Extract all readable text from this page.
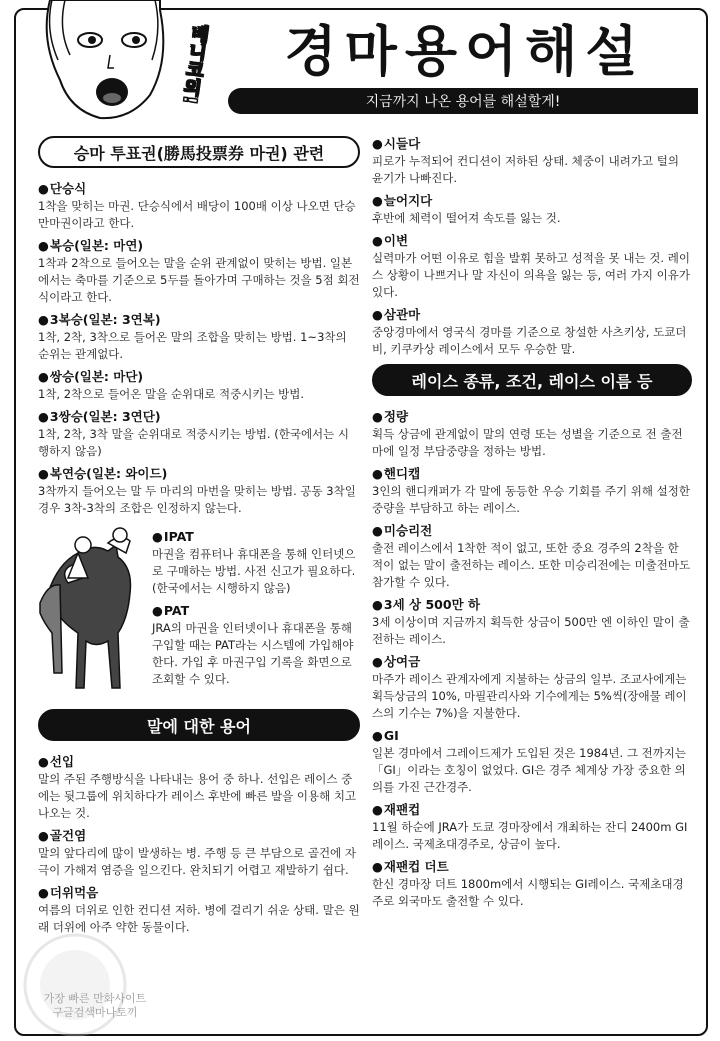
베니코의!	경마용어해설
지금까지 나온 용어를 해설할게!
승마 투표권(勝馬投票券 마권) 관련
● 단승식
1착을 맞히는 마권. 단승식에서 배당이 100배 이상 나오면 단승만마권이라고 한다.
● 복승(일본: 마연)
1착과 2착으로 들어오는 말을 순위 관계없이 맞히는 방법. 일본에서는 축마를 기준으로 5두를 돌아가며 구매하는 것을 5점 회전식이라고 한다.
● 3복승(일본: 3연복)
1착, 2착, 3착으로 들어온 말의 조합을 맞히는 방법. 1~3착의 순위는 관계없다.
● 쌍승(일본: 마단)
1착, 2착으로 들어온 말을 순위대로 적중시키는 방법.
● 3쌍승(일본: 3연단)
1착, 2착, 3착 말을 순위대로 적중시키는 방법. (한국에서는 시행하지 않음)
● 복연승(일본: 와이드)
3착까지 들어오는 말 두 마리의 마번을 맞히는 방법. 공동 3착일 경우 3착-3착의 조합은 인정하지 않는다.
● IPAT
마권을 컴퓨터나 휴대폰을 통해 인터넷으로 구매하는 방법. 사전 신고가 필요하다. (한국에서는 시행하지 않음)
● PAT
JRA의 마권을 인터넷이나 휴대폰을 통해 구입할 때는 PAT라는 시스템에 가입해야 한다. 가입 후 마권구입 기록을 화면으로 조회할 수 있다.
말에 대한 용어
● 선입
말의 주된 주행방식을 나타내는 용어 중 하나. 선입은 레이스 중에는 뒷그룹에 위치하다가 레이스 후반에 빠른 발을 이용해 치고 나오는 것.
● 골건염
말의 앞다리에 많이 발생하는 병. 주행 등 큰 부담으로 골건에 자극이 가해져 염증을 일으킨다. 완치되기 어렵고 재발하기 쉽다.
● 더위먹음
여름의 더위로 인한 컨디션 저하. 병에 걸리기 쉬운 상태. 말은 원래 더위에 아주 약한 동물이다.
● 시들다
피로가 누적되어 컨디션이 저하된 상태. 체중이 내려가고 털의 윤기가 나빠진다.
● 늘어지다
후반에 체력이 떨어져 속도를 잃는 것.
● 이변
실력마가 어떤 이유로 힘을 발휘 못하고 성적을 못 내는 것. 레이스 상황이 나쁘거나 말 자신이 의욕을 잃는 등, 여러 가지 이유가 있다.
● 삼관마
중앙경마에서 영국식 경마를 기준으로 창설한 사츠키상, 도쿄더비, 키쿠카상 레이스에서 모두 우승한 말.
레이스 종류, 조건, 레이스 이름 등
● 정량
획득 상금에 관계없이 말의 연령 또는 성별을 기준으로 전 출전마에 일정 부담중량을 정하는 방법.
● 핸디캡
3인의 핸디캐퍼가 각 말에 동등한 우승 기회를 주기 위해 설정한 중량을 부담하고 하는 레이스.
● 미승리전
출전 레이스에서 1착한 적이 없고, 또한 중요 경주의 2착을 한 적이 없는 말이 출전하는 레이스. 또한 미승리전에는 미출전마도 참가할 수 있다.
● 3세 상 500만 하
3세 이상이며 지금까지 획득한 상금이 500만 엔 이하인 말이 출전하는 레이스.
● 상여금
마주가 레이스 관계자에게 지불하는 상금의 일부. 조교사에게는 획득상금의 10%, 마필관리사와 기수에게는 5%씩(장애물 레이스의 기수는 7%)을 지불한다.
● GⅠ
일본 경마에서 그레이드제가 도입된 것은 1984년. 그 전까지는 「GⅠ」이라는 호칭이 없었다. GⅠ은 경주 체계상 가장 중요한 의의를 가진 근간경주.
● 재팬컵
11월 하순에 JRA가 도쿄 경마장에서 개최하는 잔디 2400m GⅠ레이스. 국제초대경주로, 상금이 높다.
● 재팬컵 더트
한신 경마장 더트 1800m에서 시행되는 GⅠ레이스. 국제초대경주로 외국마도 출전할 수 있다.
가장 빠른 만화사이트
구글검색마나토끼
